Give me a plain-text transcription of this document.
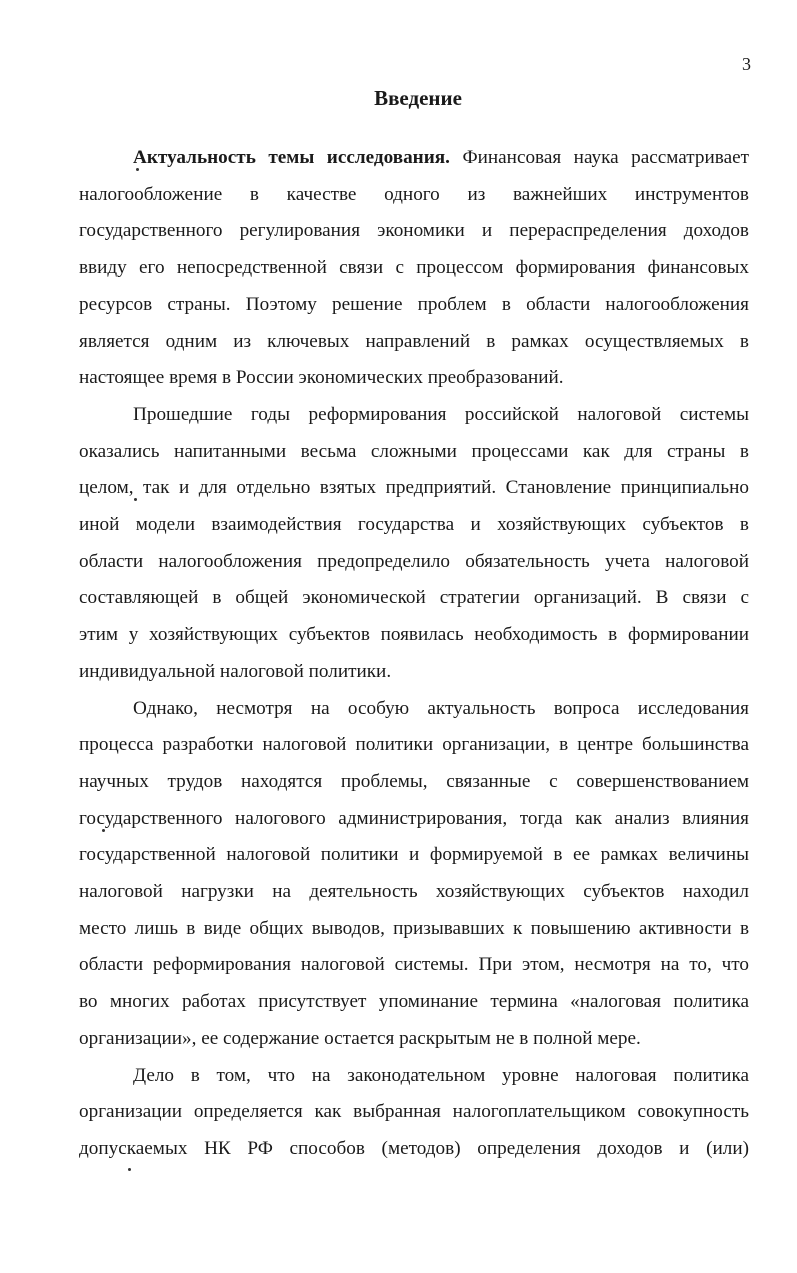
3
Введение
Актуальность темы исследования. Финансовая наука рассматривает
налогообложение в качестве одного из важнейших инструментов
государственного регулирования экономики и перераспределения доходов
ввиду его непосредственной связи с процессом формирования финансовых
ресурсов страны. Поэтому решение проблем в области налогообложения
является одним из ключевых направлений в рамках осуществляемых в
настоящее время в России экономических преобразований.
Прошедшие годы реформирования российской налоговой системы
оказались напитанными весьма сложными процессами как для страны в
целом, так и для отдельно взятых предприятий. Становление принципиально
иной модели взаимодействия государства и хозяйствующих субъектов в
области налогообложения предопределило обязательность учета налоговой
составляющей в общей экономической стратегии организаций. В связи с
этим у хозяйствующих субъектов появилась необходимость в формировании
индивидуальной налоговой политики.
Однако, несмотря на особую актуальность вопроса исследования
процесса разработки налоговой политики организации, в центре большинства
научных трудов находятся проблемы, связанные с совершенствованием
государственного налогового администрирования, тогда как анализ влияния
государственной налоговой политики и формируемой в ее рамках величины
налоговой нагрузки на деятельность хозяйствующих субъектов находил
место лишь в виде общих выводов, призывавших к повышению активности в
области реформирования налоговой системы. При этом, несмотря на то, что
во многих работах присутствует упоминание термина «налоговая политика
организации», ее содержание остается раскрытым не в полной мере.
Дело в том, что на законодательном уровне налоговая политика
организации определяется как выбранная налогоплательщиком совокупность
допускаемых НК РФ способов (методов) определения доходов и (или)
